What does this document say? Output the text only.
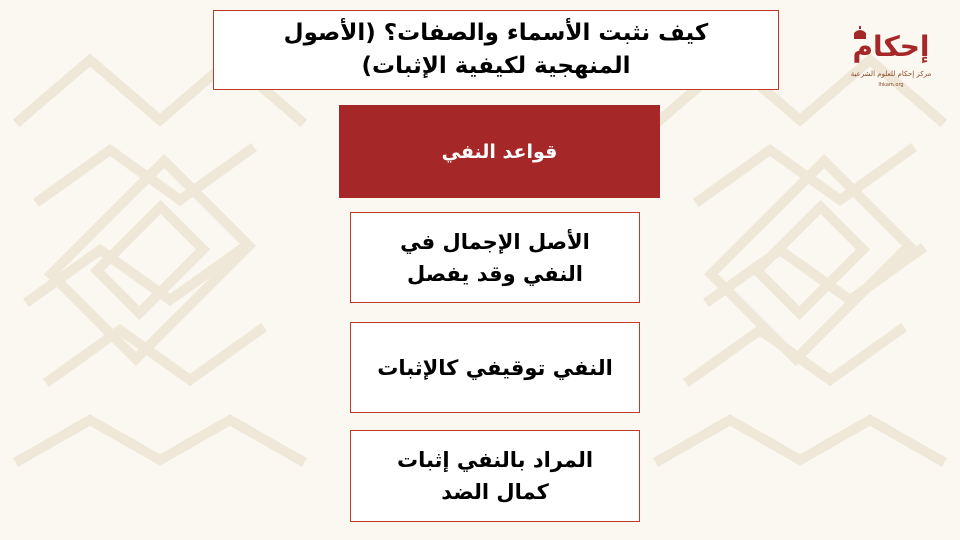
كيف نثبت الأسماء والصفات؟ (الأصول المنهجية لكيفية الإثبات)
قواعد النفي
الأصل الإجمال في النفي وقد يفصل
النفي توقيفي كالإثبات
المراد بالنفي إثبات كمال الضد
إحكام
مركز إحكام للعلوم الشرعية
Ihkam.org
